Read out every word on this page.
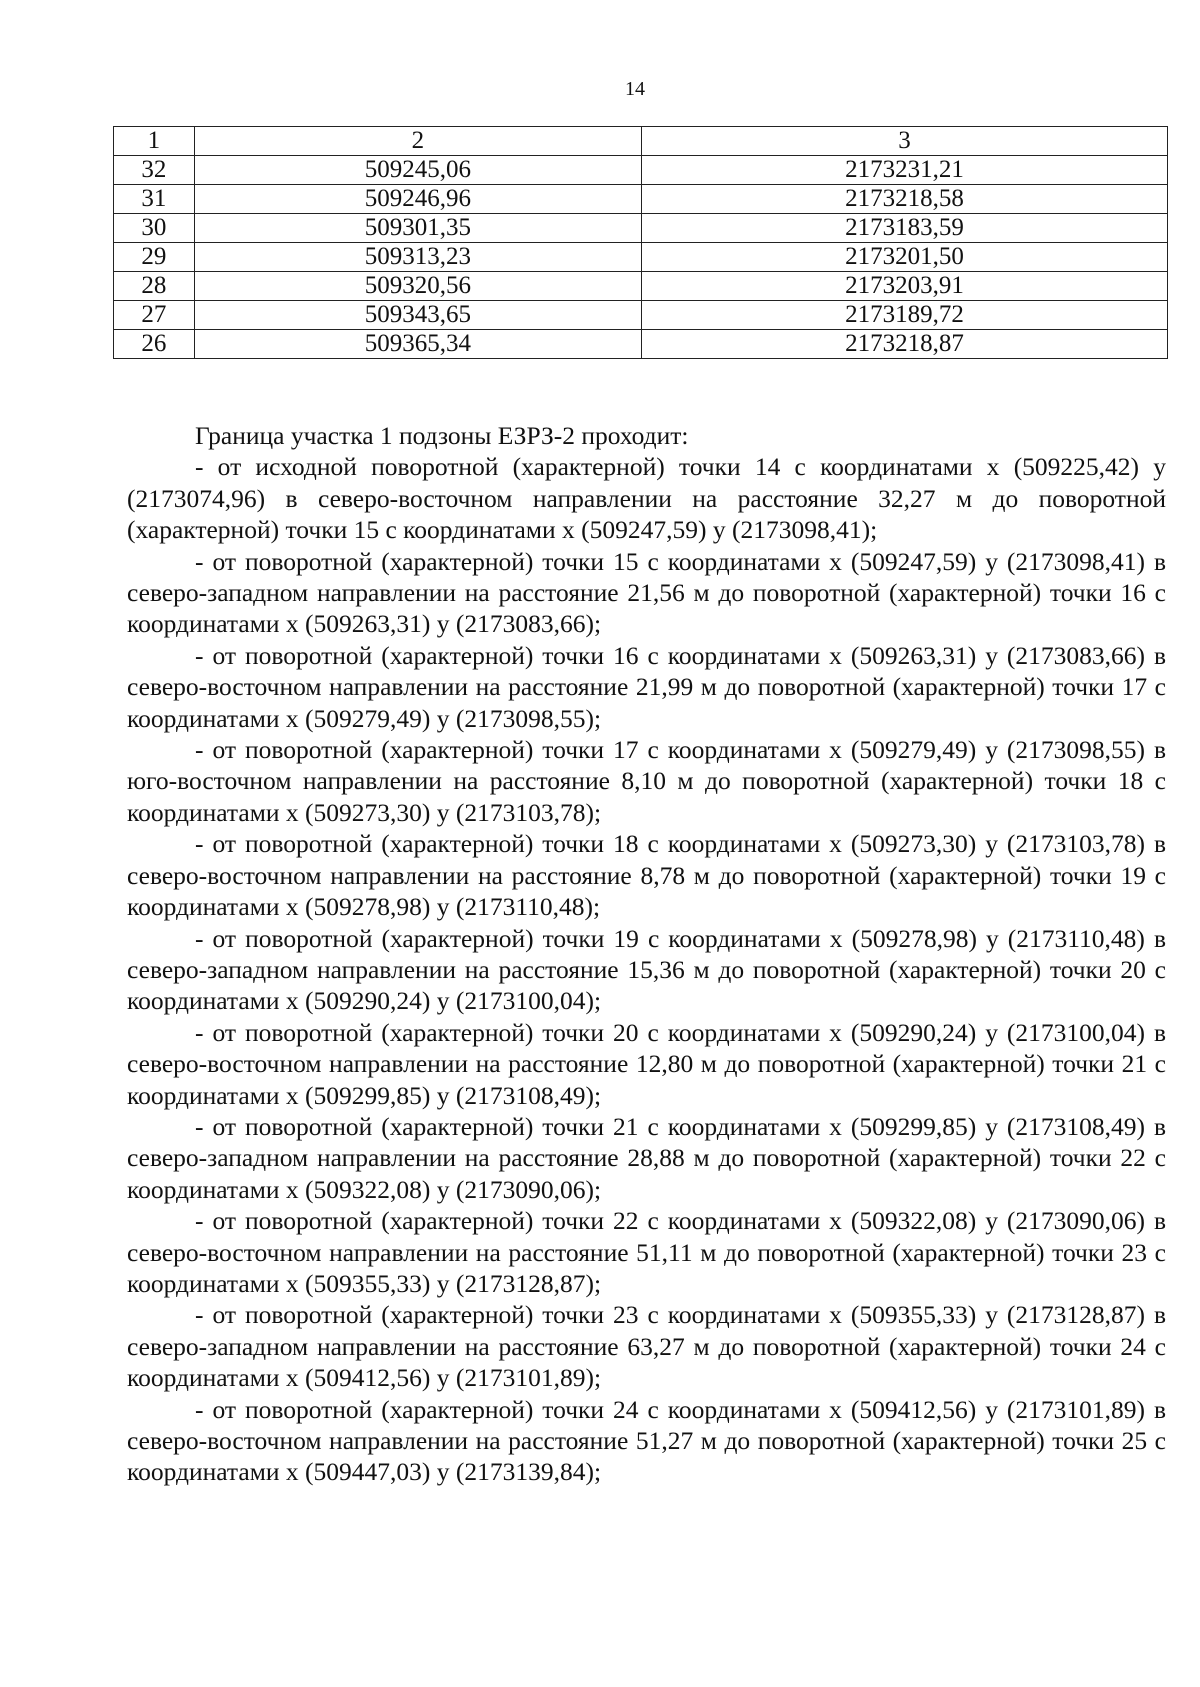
14
1	2	3
32	509245,06	2173231,21
31	509246,96	2173218,58
30	509301,35	2173183,59
29	509313,23	2173201,50
28	509320,56	2173203,91
27	509343,65	2173189,72
26	509365,34	2173218,87

Граница участка 1 подзоны ЕЗРЗ-2 проходит:

- от исходной поворотной (характерной) точки 14 с координатами х (509225,42) у (2173074,96) в северо-восточном направлении на расстояние 32,27 м до поворотной (характерной) точки 15 с координатами х (509247,59) у (2173098,41);

- от поворотной (характерной) точки 15 с координатами х (509247,59) у (2173098,41) в северо-западном направлении на расстояние 21,56 м до поворотной (характерной) точки 16 с координатами х (509263,31) у (2173083,66);

- от поворотной (характерной) точки 16 с координатами х (509263,31) у (2173083,66) в северо-восточном направлении на расстояние 21,99 м до поворотной (характерной) точки 17 с координатами х (509279,49) у (2173098,55);

- от поворотной (характерной) точки 17 с координатами х (509279,49) у (2173098,55) в юго-восточном направлении на расстояние 8,10 м до поворотной (характерной) точки 18 с координатами х (509273,30) у (2173103,78);

- от поворотной (характерной) точки 18 с координатами х (509273,30) у (2173103,78) в северо-восточном направлении на расстояние 8,78 м до поворотной (характерной) точки 19 с координатами х (509278,98) у (2173110,48);

- от поворотной (характерной) точки 19 с координатами х (509278,98) у (2173110,48) в северо-западном направлении на расстояние 15,36 м до поворотной (характерной) точки 20 с координатами х (509290,24) у (2173100,04);

- от поворотной (характерной) точки 20 с координатами х (509290,24) у (2173100,04) в северо-восточном направлении на расстояние 12,80 м до поворотной (характерной) точки 21 с координатами х (509299,85) у (2173108,49);

- от поворотной (характерной) точки 21 с координатами х (509299,85) у (2173108,49) в северо-западном направлении на расстояние 28,88 м до поворотной (характерной) точки 22 с координатами х (509322,08) у (2173090,06);

- от поворотной (характерной) точки 22 с координатами х (509322,08) у (2173090,06) в северо-восточном направлении на расстояние 51,11 м до поворотной (характерной) точки 23 с координатами х (509355,33) у (2173128,87);

- от поворотной (характерной) точки 23 с координатами х (509355,33) у (2173128,87) в северо-западном направлении на расстояние 63,27 м до поворотной (характерной) точки 24 с координатами х (509412,56) у (2173101,89);

- от поворотной (характерной) точки 24 с координатами х (509412,56) у (2173101,89) в северо-восточном направлении на расстояние 51,27 м до поворотной (характерной) точки 25 с координатами х (509447,03) у (2173139,84);
